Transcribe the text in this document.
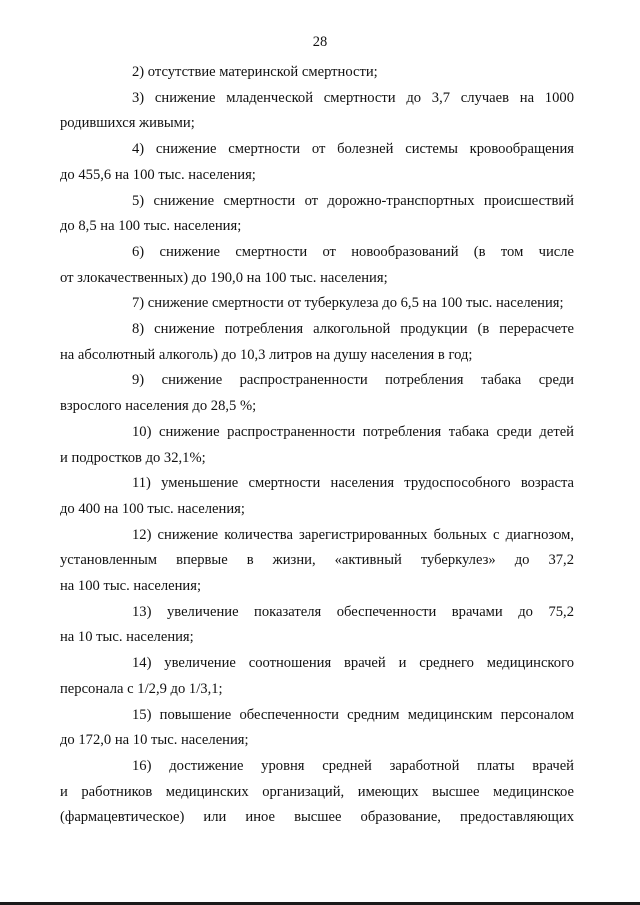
28

2) отсутствие материнской смертности;

3) снижение младенческой смертности до 3,7 случаев на 1000
родившихся живыми;

4) снижение смертности от болезней системы кровообращения
до 455,6 на 100 тыс. населения;

5) снижение смертности от дорожно-транспортных происшествий
до 8,5 на 100 тыс. населения;

6) снижение смертности от новообразований (в том числе
от злокачественных) до 190,0 на 100 тыс. населения;

7) снижение смертности от туберкулеза до 6,5 на 100 тыс. населения;

8) снижение потребления алкогольной продукции (в перерасчете
на абсолютный алкоголь) до 10,3 литров на душу населения в год;

9) снижение распространенности потребления табака среди
взрослого населения до 28,5 %;

10) снижение распространенности потребления табака среди детей
и подростков до 32,1%;

11) уменьшение смертности населения трудоспособного возраста
до 400 на 100 тыс. населения;

12) снижение количества зарегистрированных больных с диагнозом,
установленным впервые в жизни, «активный туберкулез» до 37,2
на 100 тыс. населения;

13) увеличение показателя обеспеченности врачами до 75,2
на 10 тыс. населения;

14) увеличение соотношения врачей и среднего медицинского
персонала с 1/2,9 до 1/3,1;

15) повышение обеспеченности средним медицинским персоналом
до 172,0 на 10 тыс. населения;

16) достижение уровня средней заработной платы врачей
и работников медицинских организаций, имеющих высшее медицинское
(фармацевтическое) или иное высшее образование, предоставляющих
